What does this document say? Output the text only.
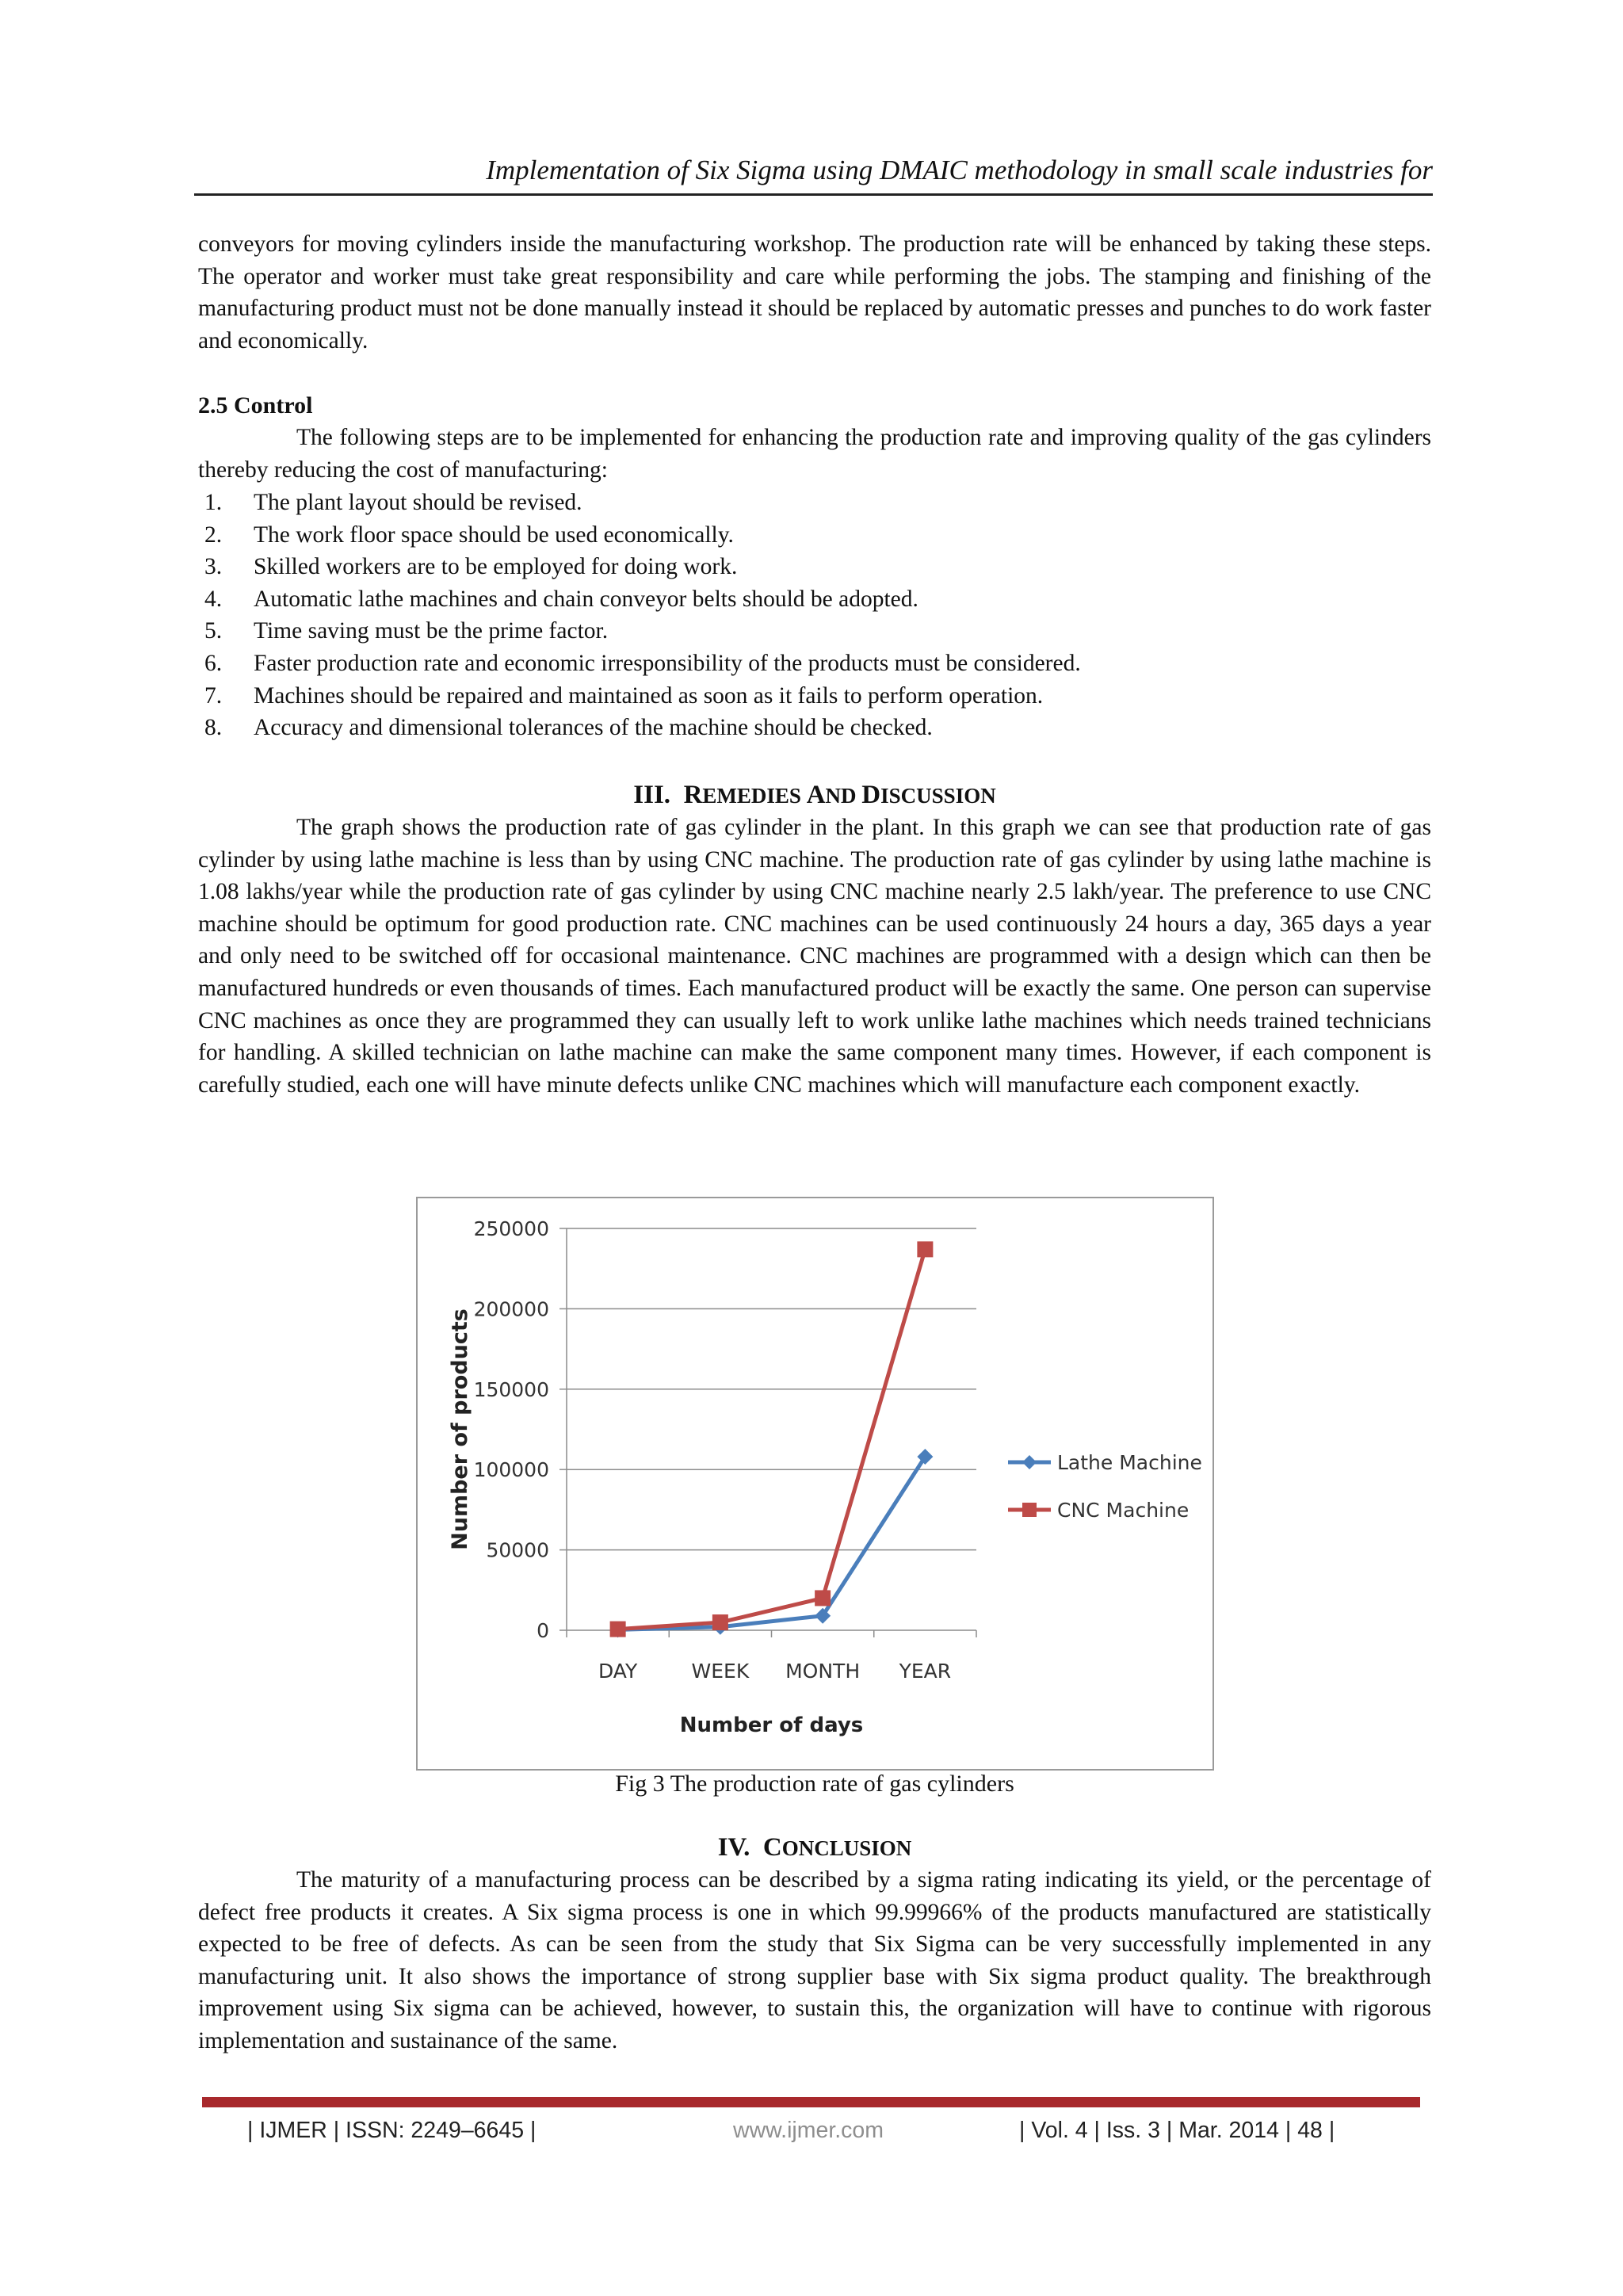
Implementation of Six Sigma using DMAIC methodology in small scale industries for

conveyors for moving cylinders inside the manufacturing workshop. The production rate will be enhanced by taking these steps. The operator and worker must take great responsibility and care while performing the jobs. The stamping and finishing of the manufacturing product must not be done manually instead it should be replaced by automatic presses and punches to do work faster and economically.

2.5 Control

The following steps are to be implemented for enhancing the production rate and improving quality of the gas cylinders thereby reducing the cost of manufacturing:

1.	The plant layout should be revised.
2.	The work floor space should be used economically.
3.	Skilled workers are to be employed for doing work.
4.	Automatic lathe machines and chain conveyor belts should be adopted.
5.	Time saving must be the prime factor.
6.	Faster production rate and economic irresponsibility of the products must be considered.
7.	Machines should be repaired and maintained as soon as it fails to perform operation.
8.	Accuracy and dimensional tolerances of the machine should be checked.
III. REMEDIES AND DISCUSSION

The graph shows the production rate of gas cylinder in the plant. In this graph we can see that production rate of gas cylinder by using lathe machine is less than by using CNC machine. The production rate of gas cylinder by using lathe machine is 1.08 lakhs/year while the production rate of gas cylinder by using CNC machine nearly 2.5 lakh/year. The preference to use CNC machine should be optimum for good production rate. CNC machines can be used continuously 24 hours a day, 365 days a year and only need to be switched off for occasional maintenance. CNC machines are programmed with a design which can then be manufactured hundreds or even thousands of times. Each manufactured product will be exactly the same. One person can supervise CNC machines as once they are programmed they can usually left to work unlike lathe machines which needs trained technicians for handling. A skilled technician on lathe machine can make the same component many times. However, if each component is carefully studied, each one will have minute defects unlike CNC machines which will manufacture each component exactly.

0
50000
100000
150000
200000
250000
DAY	WEEK MONTH YEAR
Number of days
Number of products	Lathe Machine
CNC Machine
Fig 3 The production rate of gas cylinders
IV. CONCLUSION

The maturity of a manufacturing process can be described by a sigma rating indicating its yield, or the percentage of defect free products it creates. A Six sigma process is one in which 99.99966% of the products manufactured are statistically expected to be free of defects. As can be seen from the study that Six Sigma can be very successfully implemented in any manufacturing unit. It also shows the importance of strong supplier base with Six sigma product quality. The breakthrough improvement using Six sigma can be achieved, however, to sustain this, the organization will have to continue with rigorous implementation and sustainance of the same.

| IJMER | ISSN: 2249–6645 |	www.ijmer.com	| Vol. 4 | Iss. 3 | Mar. 2014 | 48 |
